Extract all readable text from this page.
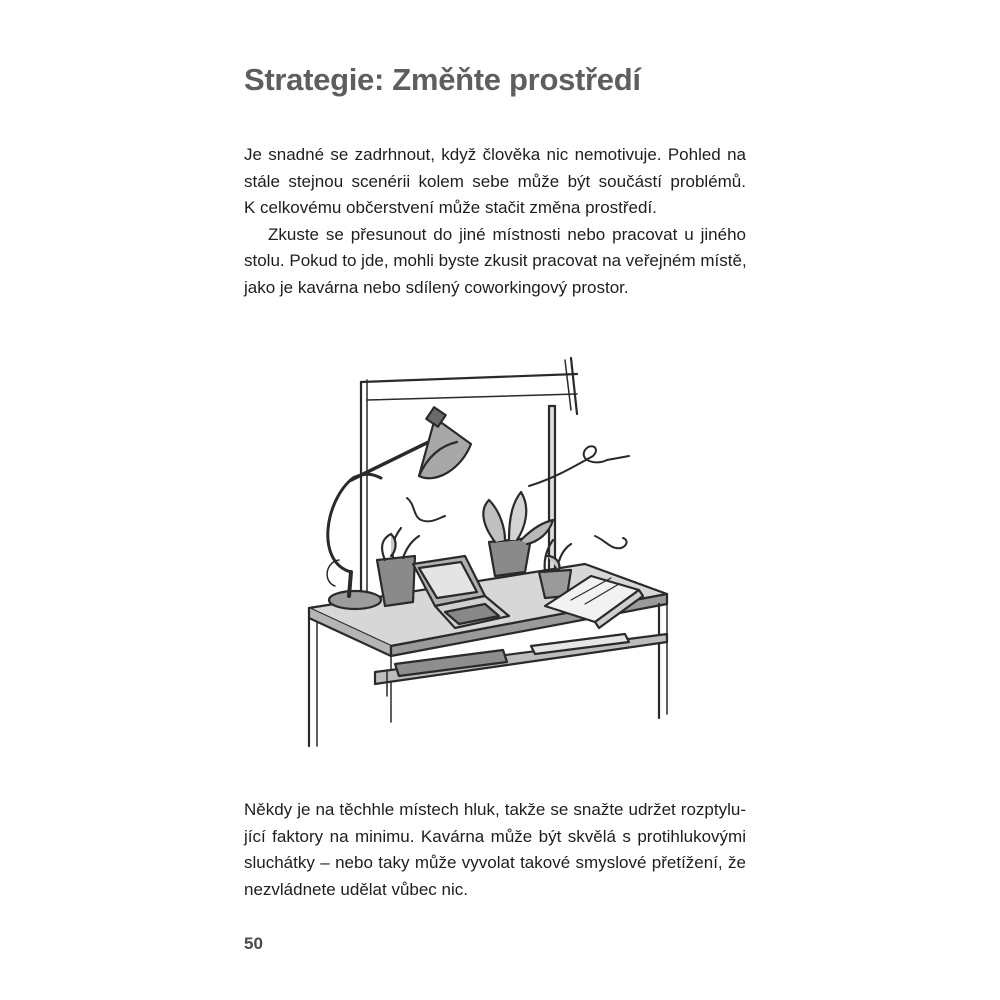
Strategie: Změňte prostředí

Je snadné se zadrhnout, když člověka nic nemotivuje. Pohled na
stále stejnou scenérii kolem sebe může být součástí problémů.
K celkovému občerstvení může stačit změna prostředí.
Zkuste se přesunout do jiné místnosti nebo pracovat u jiného
stolu. Pokud to jde, mohli byste zkusit pracovat na veřejném místě,
jako je kavárna nebo sdílený coworkingový prostor.

Někdy je na těchhle místech hluk, takže se snažte udržet rozptylu-
jící faktory na minimu. Kavárna může být skvělá s protihlukovými
sluchátky – nebo taky může vyvolat takové smyslové přetížení, že
nezvládnete udělat vůbec nic.

50
